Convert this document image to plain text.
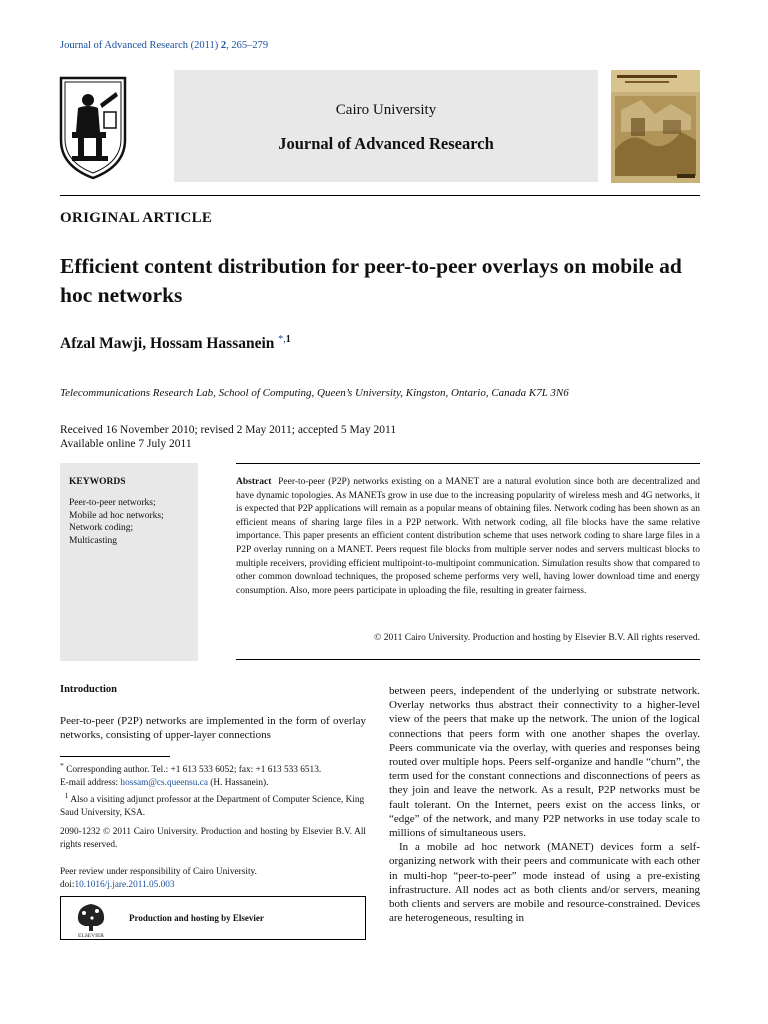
Journal of Advanced Research (2011) 2, 265–279
Cairo University
Journal of Advanced Research
ORIGINAL ARTICLE
Efficient content distribution for peer-to-peer overlays on mobile ad hoc networks
Afzal Mawji, Hossam Hassanein $^{*,1}$
Telecommunications Research Lab, School of Computing, Queen’s University, Kingston, Ontario, Canada K7L 3N6
Received 16 November 2010; revised 2 May 2011; accepted 5 May 2011
Available online 7 July 2011
KEYWORDS
Peer-to-peer networks;
Mobile ad hoc networks;
Network coding;
Multicasting
Abstract Peer-to-peer (P2P) networks existing on a MANET are a natural evolution since both are decentralized and have dynamic topologies. As MANETs grow in use due to the increasing popularity of wireless mesh and 4G networks, it is expected that P2P applications will remain as a popular means of obtaining files. Network coding has been shown as an efficient means of sharing large files in a P2P network. With network coding, all file blocks have the same relative importance. This paper presents an efficient content distribution scheme that uses network coding to share large files in a P2P overlay running on a MANET. Peers request file blocks from multiple server nodes and servers multicast blocks to multiple receivers, providing efficient multipoint-to-multipoint communication. Simulation results show that compared to other common download techniques, the proposed scheme performs very well, having lower download time and energy consumption. Also, more peers participate in uploading the file, resulting in greater fairness.
© 2011 Cairo University. Production and hosting by Elsevier B.V. All rights reserved.
Introduction
Peer-to-peer (P2P) networks are implemented in the form of overlay networks, consisting of upper-layer connections
* Corresponding author. Tel.: +1 613 533 6052; fax: +1 613 533 6513.
E-mail address: hossam@cs.queensu.ca (H. Hassanein).
$^1$ Also a visiting adjunct professor at the Department of Computer Science, King Saud University, KSA.
2090-1232 © 2011 Cairo University. Production and hosting by Elsevier B.V. All rights reserved.
Peer review under responsibility of Cairo University.
doi:10.1016/j.jare.2011.05.003
ELSEVIER
Production and hosting by Elsevier

between peers, independent of the underlying or substrate network. Overlay networks thus abstract their connectivity to a higher-level view of the peers that make up the network. The union of the logical connections that peers form with one another shapes the overlay. Peers communicate via the overlay, with queries and responses being routed over multiple hops. Peers self-organize and handle “churn”, the term used for the constant connections and disconnections of peers as they join and leave the network. As a result, P2P networks must be fault tolerant. On the Internet, peers exist on the access links, or “edge” of the network, and many P2P networks in use today scale to millions of simultaneous users.

In a mobile ad hoc network (MANET) devices form a self-organizing network with their peers and communicate with each other in multi-hop “peer-to-peer” mode instead of using a pre-existing infrastructure. All nodes act as both clients and/or servers, meaning both clients and servers are mobile and resource-constrained. Devices are heterogeneous, resulting in
